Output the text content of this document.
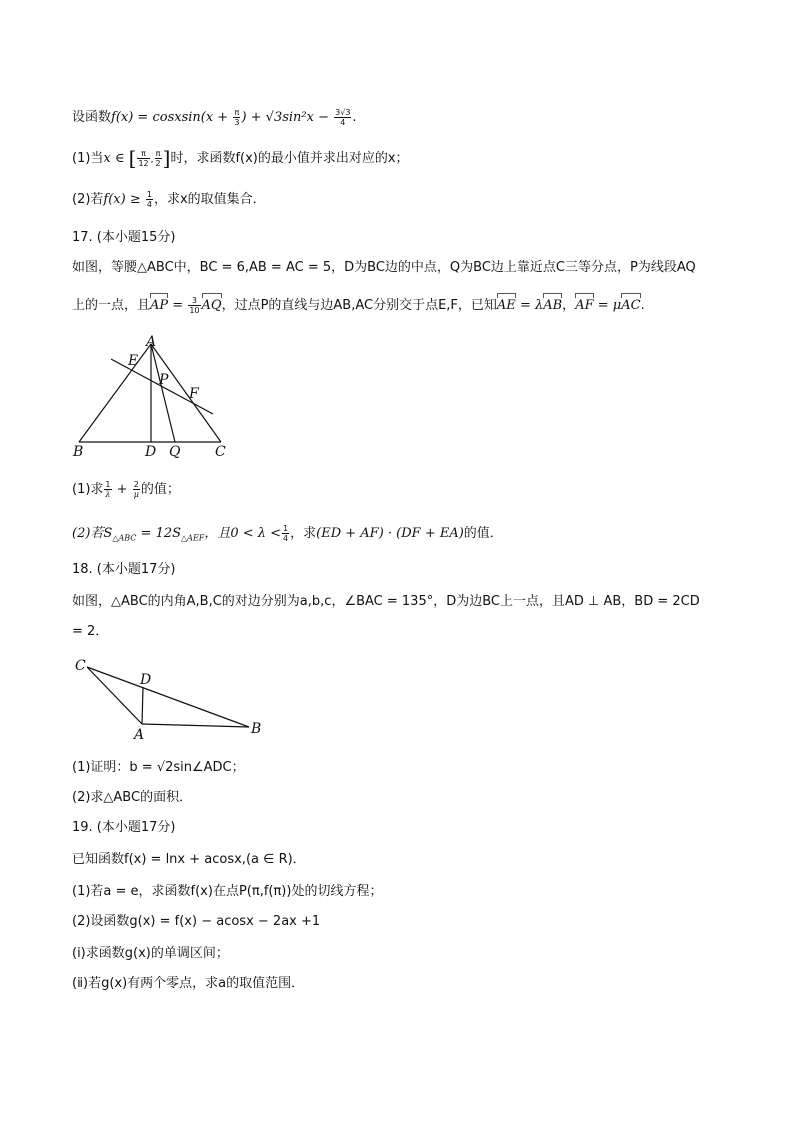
设函数f(x) = cosxsin(x + $\frac{\pi}{3}$ ) + $√3\sin^2x - \frac{3√3}{4}$ .
(1)当x ∈ [ $\frac{\pi}{12}$ , $\frac{\pi}{2}$ ]时，求函数f(x)的最小值并求出对应的x；
(2)若$f(x) \ge \frac{1}{4}$ ，求x的取值集合．
17. (本小题15分)
如图，等腰△ABC中，BC = 6,AB = AC = 5，D为BC边的中点，Q为BC边上靠近点C三等分点，P为线段AQ
上的一点，且AP = $\frac{3}{10}$ AQ，过点P的直线与边AB,AC分别交于点E,F，已知AE = λAB，AF = μAC.
A
E
P
F
B	D Q C
(1)求 $\frac{1}{\lambda} + \frac{2}{\mu}$ 的值；
(2)若$S_{\triangle ABC} = 12S_{\triangle AEF}$，且$0 < \lambda < \frac{1}{4}$ ，求(ED + AF) · (DF + EA)的值．
18. (本小题17分)
如图，△ABC的内角A,B,C的对边分别为a,b,c，∠BAC = 135°，D为边BC上一点，且AD ⊥ AB，BD = 2CD
= 2．
C
D
A	B
(1)证明：b = √2sin∠ADC；
(2)求△ABC的面积．
19. (本小题17分)
已知函数f(x) = lnx + acosx,(a ∈ R)．
(1)若a = e，求函数f(x)在点P(π,f(π))处的切线方程；
(2)设函数g(x) = f(x) − acosx − 2ax +1
(ⅰ)求函数g(x)的单调区间；
(ⅱ)若g(x)有两个零点，求a的取值范围．
